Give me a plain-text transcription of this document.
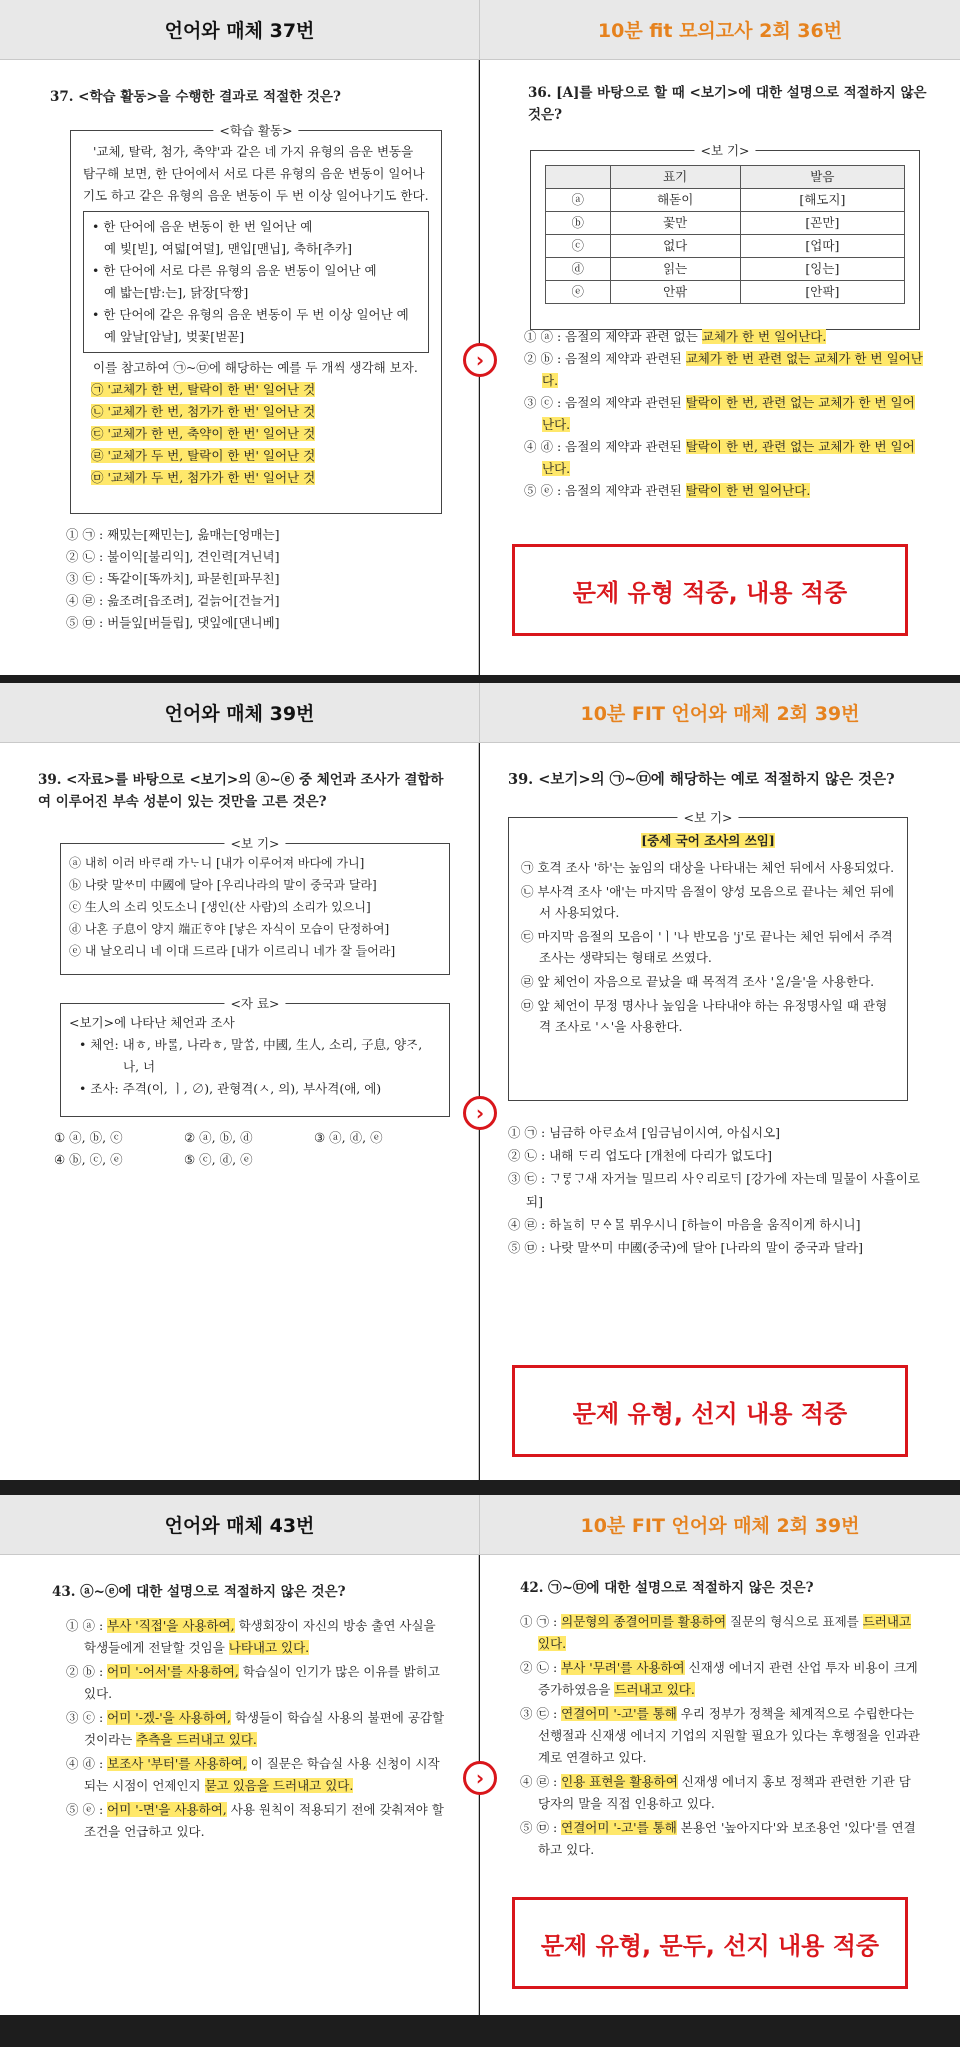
언어와 매체 37번	10분 fit 모의고사 2회 36번
37. <학습 활동>을 수행한 결과로 적절한 것은?
<학습 활동>
'교체, 탈락, 첨가, 축약'과 같은 네 가지 유형의 음운 변동을 탐구해 보면, 한 단어에서 서로 다른 유형의 음운 변동이 일어나기도 하고 같은 유형의 음운 변동이 두 번 이상 일어나기도 한다.
• 한 단어에 음운 변동이 한 번 일어난 예
예 빛[빋], 여덟[여덜], 맨입[맨닙], 축하[추카]
• 한 단어에 서로 다른 유형의 음운 변동이 일어난 예
예 밟는[밤:는], 닭장[닥짱]
• 한 단어에 같은 유형의 음운 변동이 두 번 이상 일어난 예
예 앞날[암날], 벚꽃[벋꼳]
이를 참고하여 ㉠~㉤에 해당하는 예를 두 개씩 생각해 보자.
㉠ '교체가 한 번, 탈락이 한 번' 일어난 것
㉡ '교체가 한 번, 첨가가 한 번' 일어난 것
㉢ '교체가 한 번, 축약이 한 번' 일어난 것
㉣ '교체가 두 번, 탈락이 한 번' 일어난 것
㉤ '교체가 두 번, 첨가가 한 번' 일어난 것
① ㉠ : 째밌는[째민는], 읊매는[엉매는]
② ㉡ : 불이익[불리익], 견인력[겨닌녁]
③ ㉢ : 똑같이[똑까치], 파묻힌[파무친]
④ ㉣ : 읊조려[읍조려], 겉늙어[건늘거]
⑤ ㉤ : 버들잎[버들립], 댓잎에[댄니베]
36. [A]를 바탕으로 할 때 <보기>에 대한 설명으로 적절하지 않은 것은?
<보 기>
	표기	발음
ⓐ	해돋이	[해도지]
ⓑ	꽃만	[꼰만]
ⓒ	없다	[업따]
ⓓ	읽는	[잉는]
ⓔ	안팎	[안팍]
① ⓐ : 음절의 제약과 관련 없는 교체가 한 번 일어난다.
② ⓑ : 음절의 제약과 관련된 교체가 한 번 관련 없는 교체가 한 번 일어난다.
③ ⓒ : 음절의 제약과 관련된 탈락이 한 번, 관련 없는 교체가 한 번 일어난다.
④ ⓓ : 음절의 제약과 관련된 탈락이 한 번, 관련 없는 교체가 한 번 일어난다.
⑤ ⓔ : 음절의 제약과 관련된 탈락이 한 번 일어난다.
문제 유형 적중, 내용 적중
›
언어와 매체 39번	10분 FIT 언어와 매체 2회 39번
39. <자료>를 바탕으로 <보기>의 ⓐ~ⓔ 중 체언과 조사가 결합하여 이루어진 부속 성분이 있는 것만을 고른 것은?
<보 기>
ⓐ 내히 이러 바ᄅᆞ래 가ᄂᆞ니 [내가 이루어져 바다에 가니]
ⓑ 나랏 말ᄊᆞ미 中國에 달아 [우리나라의 말이 중국과 달라]
ⓒ 生人의 소리 잇도소니 [생인(산 사람)의 소리가 있으니]
ⓓ 나혼 子息이 양지 端正ᄒᆞ야 [낳은 자식이 모습이 단정하여]
ⓔ 내 날오리니 네 이대 드르라 [내가 이르리니 네가 잘 들어라]
<자 료>
<보기>에 나타난 체언과 조사
• 체언: 내ㅎ, 바ᄅᆞᆯ, 나라ㅎ, 말ᄊᆞᆷ, 中國, 生人, 소리, 子息, 양ᄌᆞ, 나, 너
• 조사: 주격(이, ㅣ, ∅), 관형격(ㅅ, 의), 부사격(애, 에)
① ⓐ, ⓑ, ⓒ	② ⓐ, ⓑ, ⓓ	③ ⓐ, ⓓ, ⓔ
④ ⓑ, ⓒ, ⓔ	⑤ ⓒ, ⓓ, ⓔ
39. <보기>의 ㉠~㉤에 해당하는 예로 적절하지 않은 것은?
<보 기>
[중세 국어 조사의 쓰임]
㉠ 호격 조사 '하'는 높임의 대상을 나타내는 체언 뒤에서 사용되었다.
㉡ 부사격 조사 '애'는 마지막 음절이 양성 모음으로 끝나는 체언 뒤에서 사용되었다.
㉢ 마지막 음절의 모음이 'ㅣ'나 반모음 'j'로 끝나는 체언 뒤에서 주격 조사는 생략되는 형태로 쓰였다.
㉣ 앞 체언이 자음으로 끝났을 때 목적격 조사 'ᄋᆞᆯ/을'을 사용한다.
㉤ 앞 체언이 무정 명사나 높임을 나타내야 하는 유정명사일 때 관형격 조사로 'ㅅ'을 사용한다.
① ㉠ : 님금하 아ᄅᆞ쇼셔 [임금님이시여, 아십시오]
② ㉡ : 내해 ᄃᆞ리 업도다 [개천에 다리가 없도다]
③ ㉢ : ᄀᆞᄅᆞᇰᄀᆞ새 자거늘 밀므리 사ᄋᆞ리로ᄃᆡ [강가에 자는데 밀물이 사흘이로되]
④ ㉣ : 하ᄂᆞᆯ히 ᄆᆞᅀᆞᄆᆞᆯ 뮈우시니 [하늘이 마음을 움직이게 하시니]
⑤ ㉤ : 나랏 말ᄊᆞ미 中國(중국)에 달아 [나라의 말이 중국과 달라]
문제 유형, 선지 내용 적중
›
언어와 매체 43번	10분 FIT 언어와 매체 2회 39번
43. ⓐ~ⓔ에 대한 설명으로 적절하지 않은 것은?
① ⓐ : 부사 '직접'을 사용하여, 학생회장이 자신의 방송 출연 사실을 학생들에게 전달할 것임을 나타내고 있다.
② ⓑ : 어미 '-어서'를 사용하여, 학습실이 인기가 많은 이유를 밝히고 있다.
③ ⓒ : 어미 '-겠-'을 사용하여, 학생들이 학습실 사용의 불편에 공감할 것이라는 추측을 드러내고 있다.
④ ⓓ : 보조사 '부터'를 사용하여, 이 질문은 학습실 사용 신청이 시작되는 시점이 언제인지 묻고 있음을 드러내고 있다.
⑤ ⓔ : 어미 '-면'을 사용하여, 사용 원칙이 적용되기 전에 갖춰져야 할 조건을 언급하고 있다.
42. ㉠~㉤에 대한 설명으로 적절하지 않은 것은?
① ㉠ : 의문형의 종결어미를 활용하여 질문의 형식으로 표제를 드러내고 있다.
② ㉡ : 부사 '무려'를 사용하여 신재생 에너지 관련 산업 투자 비용이 크게 증가하였음을 드러내고 있다.
③ ㉢ : 연결어미 '-고'를 통해 우리 정부가 정책을 체계적으로 수립한다는 선행절과 신재생 에너지 기업의 지원할 필요가 있다는 후행절을 인과관계로 연결하고 있다.
④ ㉣ : 인용 표현을 활용하여 신재생 에너지 홍보 정책과 관련한 기관 담당자의 말을 직접 인용하고 있다.
⑤ ㉤ : 연결어미 '-고'를 통해 본용언 '높아지다'와 보조용언 '있다'를 연결하고 있다.
문제 유형, 문두, 선지 내용 적중
›
